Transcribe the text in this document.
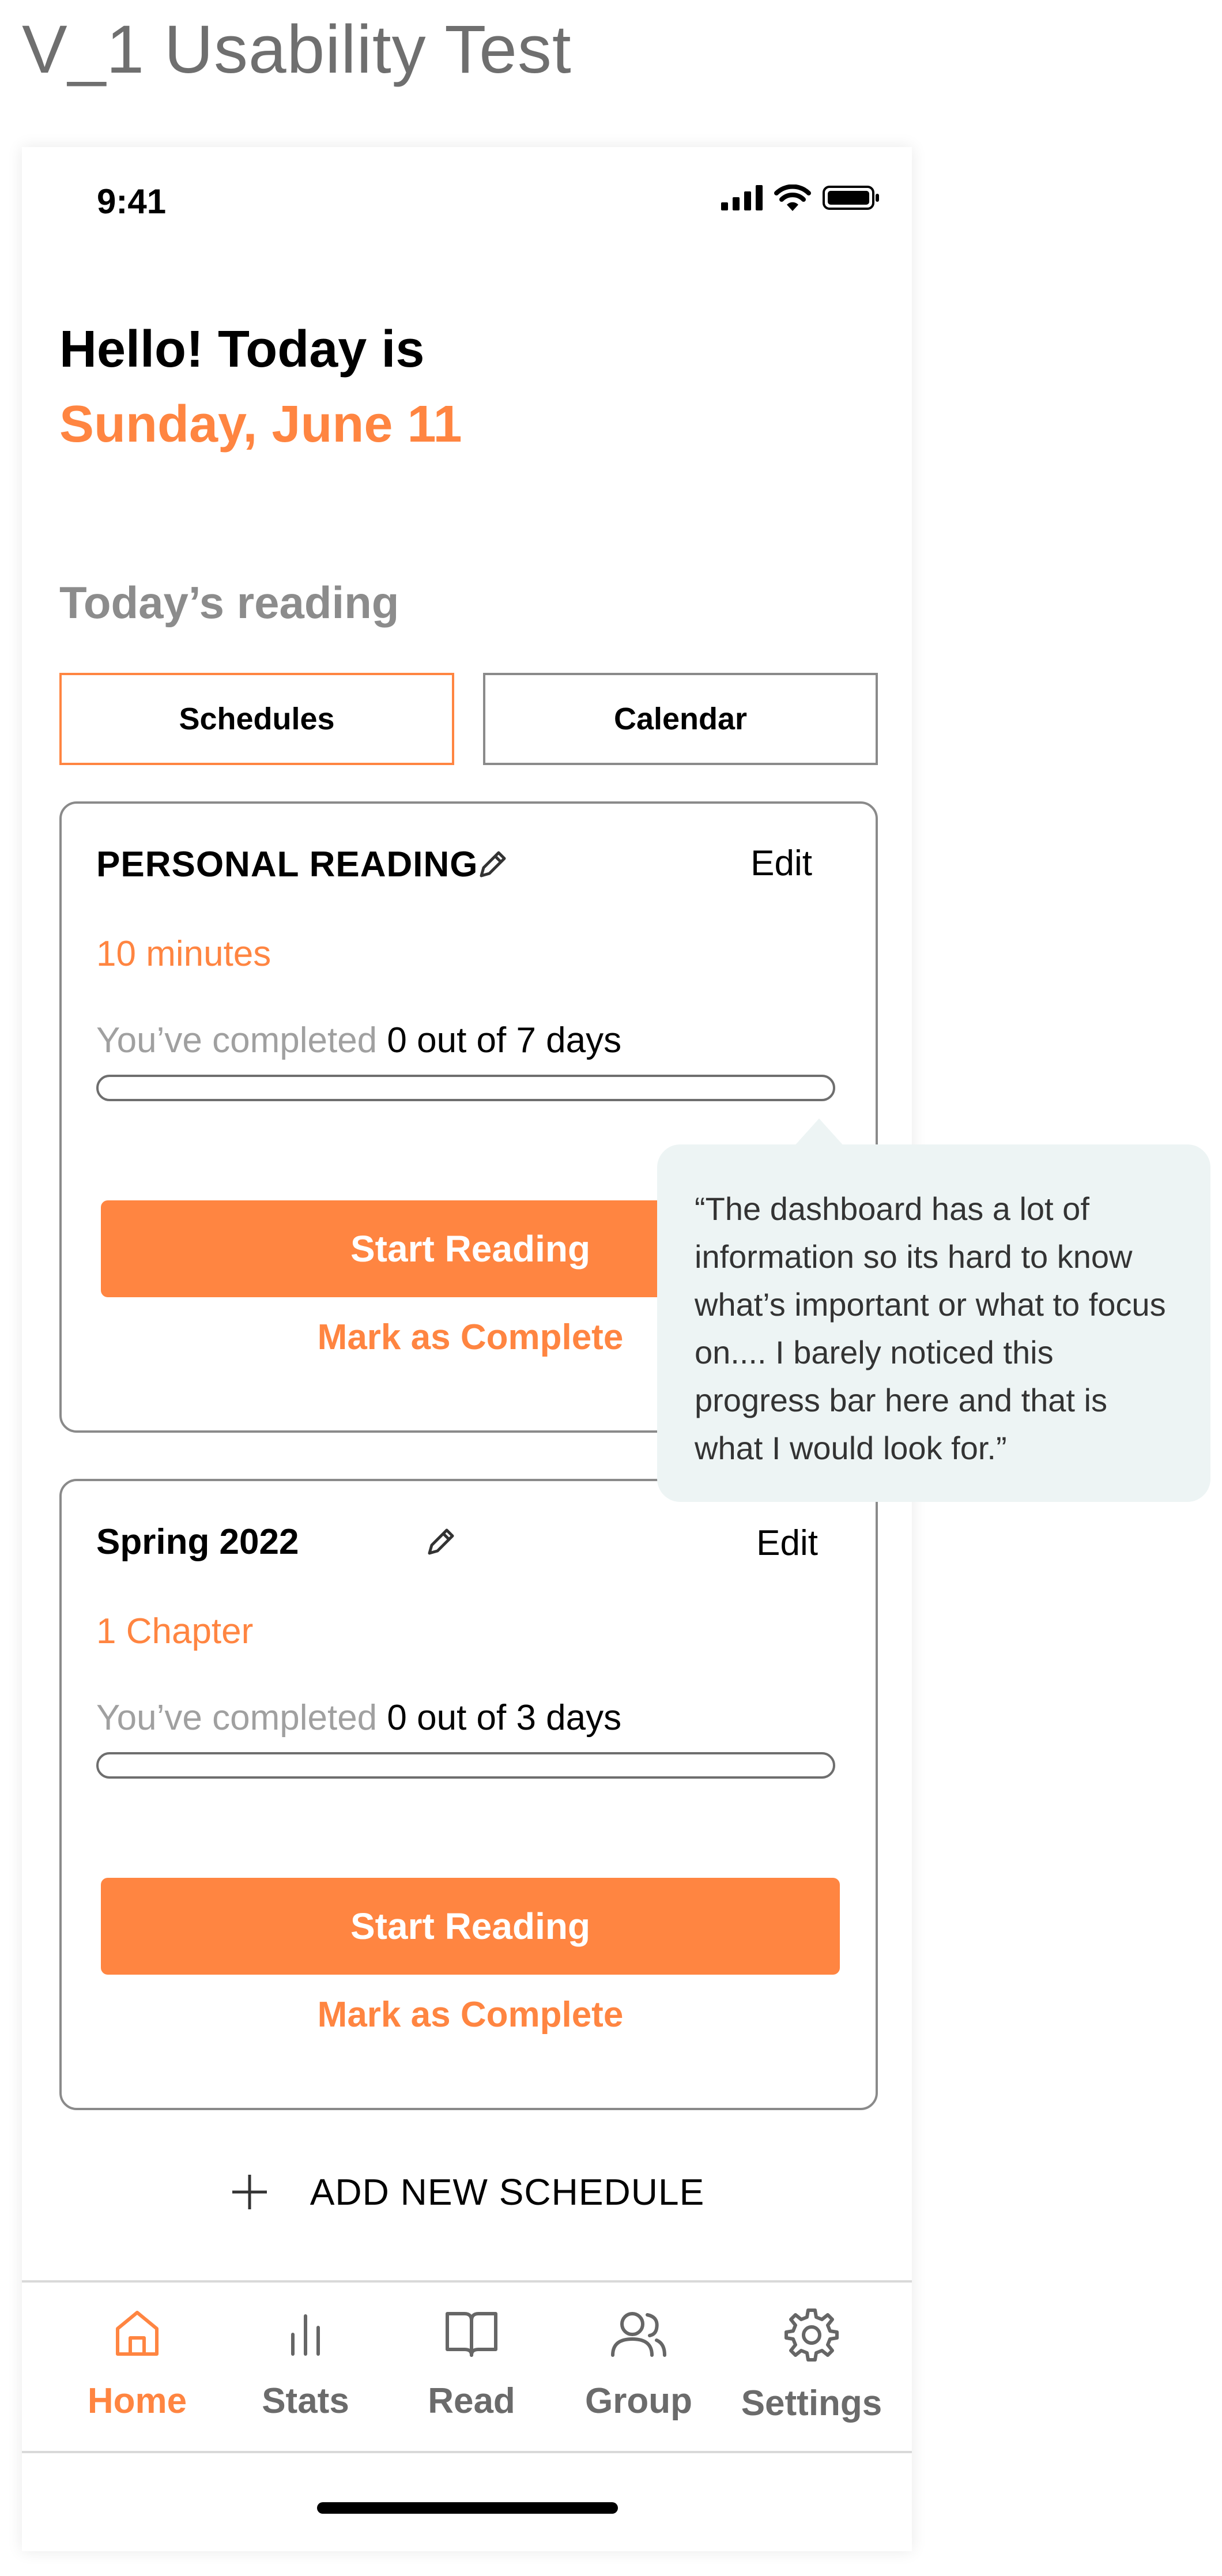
V_1 Usability Test
9:41
Hello! Today is
Sunday, June 11
Today’s reading
Schedules	Calendar
PERSONAL READING	Edit
10 minutes
You’ve completed 0 out of 7 days
Start Reading
Mark as Complete
Spring 2022	Edit
1 Chapter
You’ve completed 0 out of 3 days
Start Reading
Mark as Complete
ADD NEW SCHEDULE
Home Stats Read Group Settings
“The dashboard has a lot of information so its hard to know what’s important or what to focus on.... I barely noticed this progress bar here and that is what I would look for.”
